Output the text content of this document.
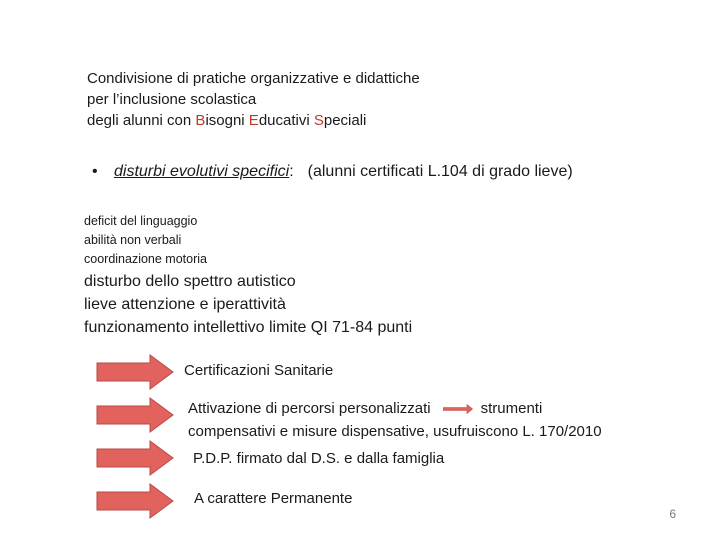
Condivisione di pratiche organizzative e didattiche
per l’inclusione scolastica
degli alunni con Bisogni Educativi Speciali
• disturbi evolutivi specifici: (alunni certificati L.104 di grado lieve)
deficit del linguaggio
abilità non verbali
coordinazione motoria
disturbo dello spettro autistico
lieve attenzione e iperattività
funzionamento intellettivo limite QI 71-84 punti
Certificazioni Sanitarie
Attivazione di percorsi personalizzati	strumenti
compensativi e misure dispensative, usufruiscono L. 170/2010
P.D.P. firmato dal D.S. e dalla famiglia
A carattere Permanente
6
